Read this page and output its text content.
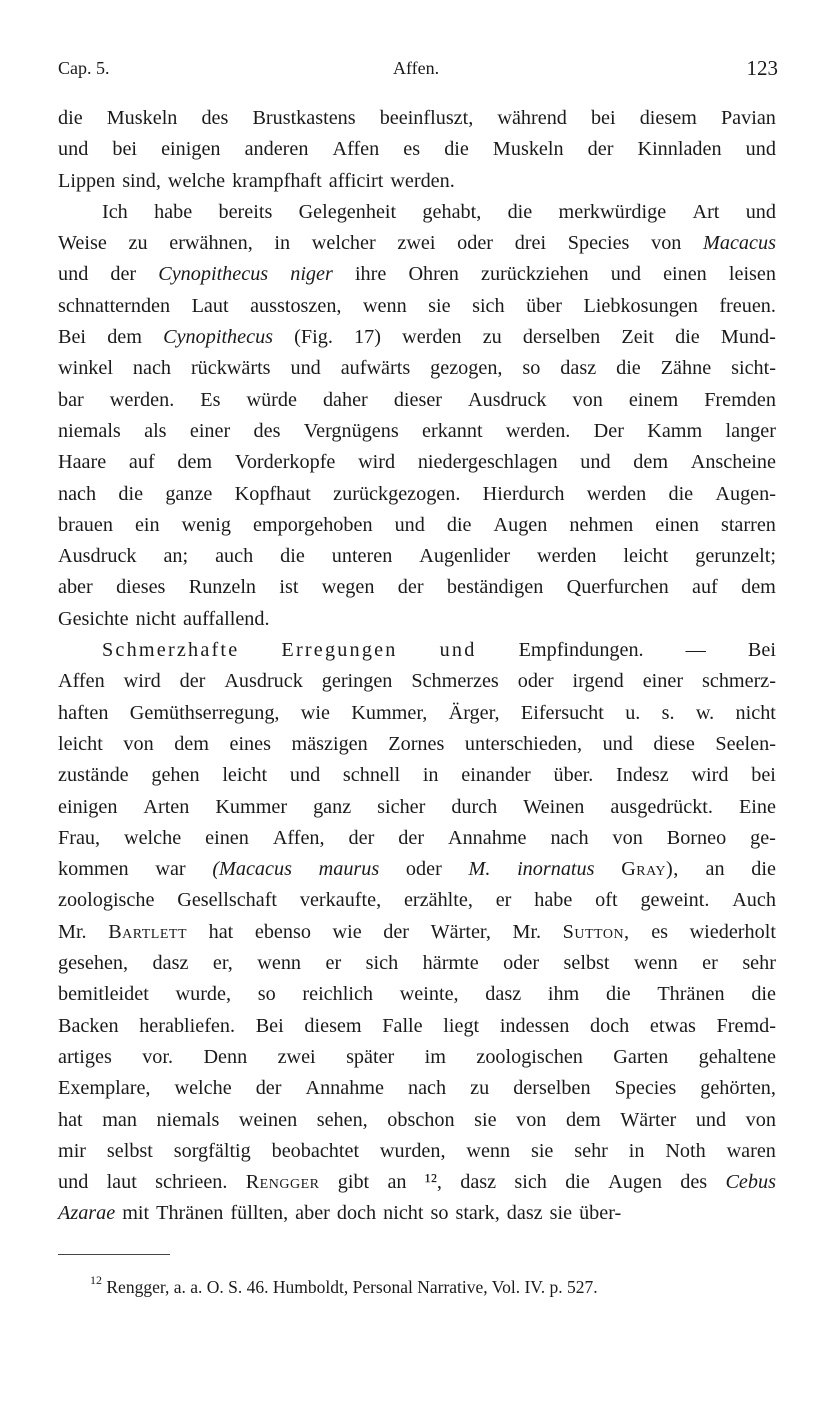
Cap. 5.	Affen.	123
die Muskeln des Brustkastens beeinfluszt, während bei diesem Pavian
und bei einigen anderen Affen es die Muskeln der Kinnladen und
Lippen sind, welche krampfhaft afficirt werden.
Ich habe bereits Gelegenheit gehabt, die merkwürdige Art und
Weise zu erwähnen, in welcher zwei oder drei Species von Macacus
und der Cynopithecus niger ihre Ohren zurückziehen und einen leisen
schnatternden Laut ausstoszen, wenn sie sich über Liebkosungen freuen.
Bei dem Cynopithecus (Fig. 17) werden zu derselben Zeit die Mund-
winkel nach rückwärts und aufwärts gezogen, so dasz die Zähne sicht-
bar werden. Es würde daher dieser Ausdruck von einem Fremden
niemals als einer des Vergnügens erkannt werden. Der Kamm langer
Haare auf dem Vorderkopfe wird niedergeschlagen und dem Anscheine
nach die ganze Kopfhaut zurückgezogen. Hierdurch werden die Augen-
brauen ein wenig emporgehoben und die Augen nehmen einen starren
Ausdruck an; auch die unteren Augenlider werden leicht gerunzelt;
aber dieses Runzeln ist wegen der beständigen Querfurchen auf dem
Gesichte nicht auffallend.
Schmerzhafte Erregungen und Empfindungen. — Bei
Affen wird der Ausdruck geringen Schmerzes oder irgend einer schmerz-
haften Gemüthserregung, wie Kummer, Ärger, Eifersucht u. s. w. nicht
leicht von dem eines mäszigen Zornes unterschieden, und diese Seelen-
zustände gehen leicht und schnell in einander über. Indesz wird bei
einigen Arten Kummer ganz sicher durch Weinen ausgedrückt. Eine
Frau, welche einen Affen, der der Annahme nach von Borneo ge-
kommen war (Macacus maurus oder M. inornatus Gray), an die
zoologische Gesellschaft verkaufte, erzählte, er habe oft geweint. Auch
Mr. Bartlett hat ebenso wie der Wärter, Mr. Sutton, es wiederholt
gesehen, dasz er, wenn er sich härmte oder selbst wenn er sehr
bemitleidet wurde, so reichlich weinte, dasz ihm die Thränen die
Backen herabliefen. Bei diesem Falle liegt indessen doch etwas Fremd-
artiges vor. Denn zwei später im zoologischen Garten gehaltene
Exemplare, welche der Annahme nach zu derselben Species gehörten,
hat man niemals weinen sehen, obschon sie von dem Wärter und von
mir selbst sorgfältig beobachtet wurden, wenn sie sehr in Noth waren
und laut schrieen. Rengger gibt an ¹², dasz sich die Augen des Cebus
Azarae mit Thränen füllten, aber doch nicht so stark, dasz sie über-
$^{12}$ Rengger, a. a. O. S. 46. Humboldt, Personal Narrative, Vol. IV. p. 527.
